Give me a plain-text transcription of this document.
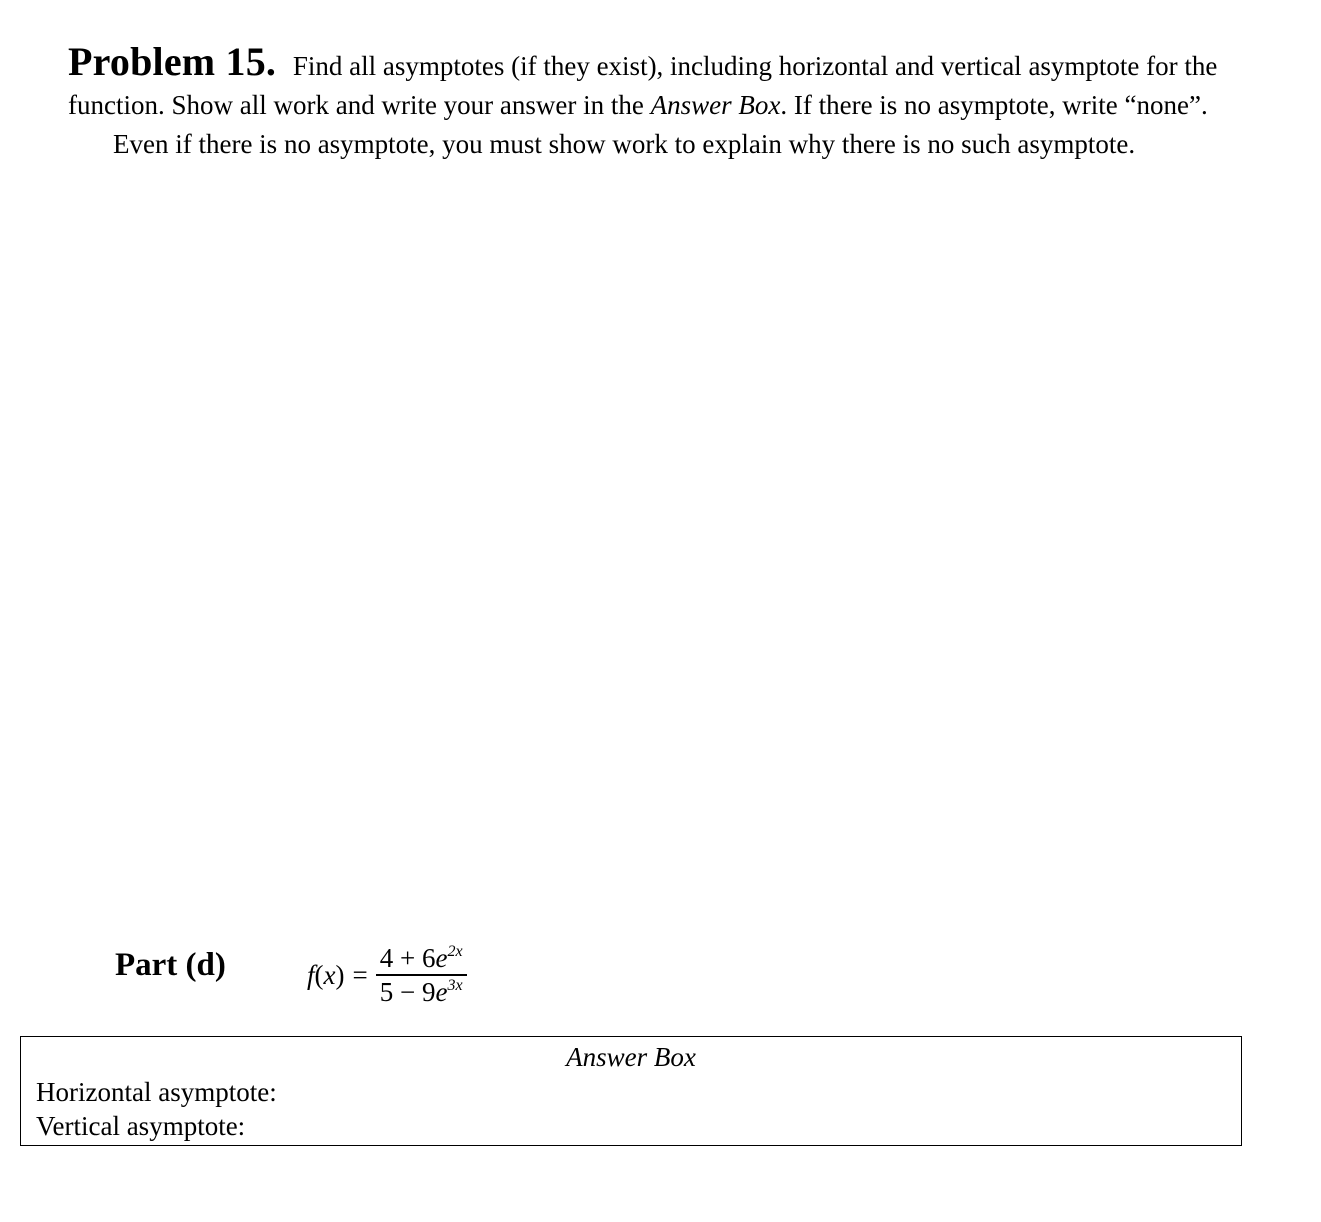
Problem 15. Find all asymptotes (if they exist), including horizontal and vertical asymptote for the function. Show all work and write your answer in the Answer Box. If there is no asymptote, write “none”.
Even if there is no asymptote, you must show work to explain why there is no such asymptote.
Part (d)	$f(x) = \frac{4 + 6e^{2x}}{5 - 9e^{3x}}$
Answer Box
Horizontal asymptote:
Vertical asymptote:
